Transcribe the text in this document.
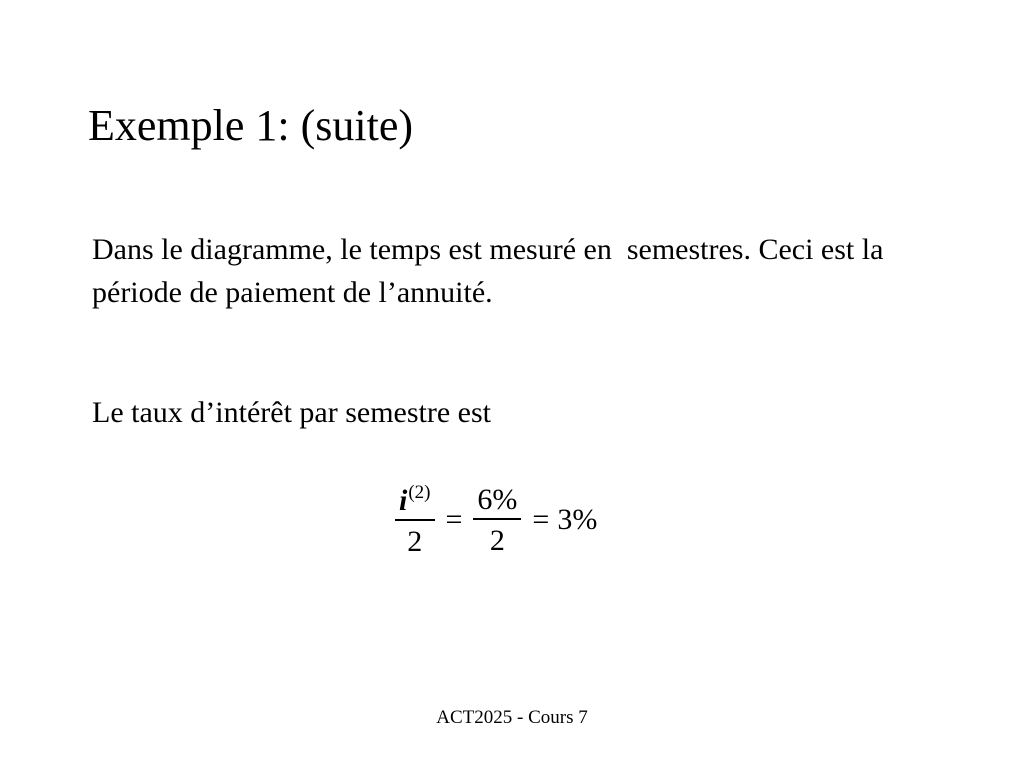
Exemple 1: (suite)
Dans le diagramme, le temps est mesuré en  semestres. Ceci est la période de paiement de l’annuité.
Le taux d’intérêt par semestre est
$\frac{i^{(2)}}{2} = \frac{6\%}{2} = 3\%$
ACT2025 - Cours 7
